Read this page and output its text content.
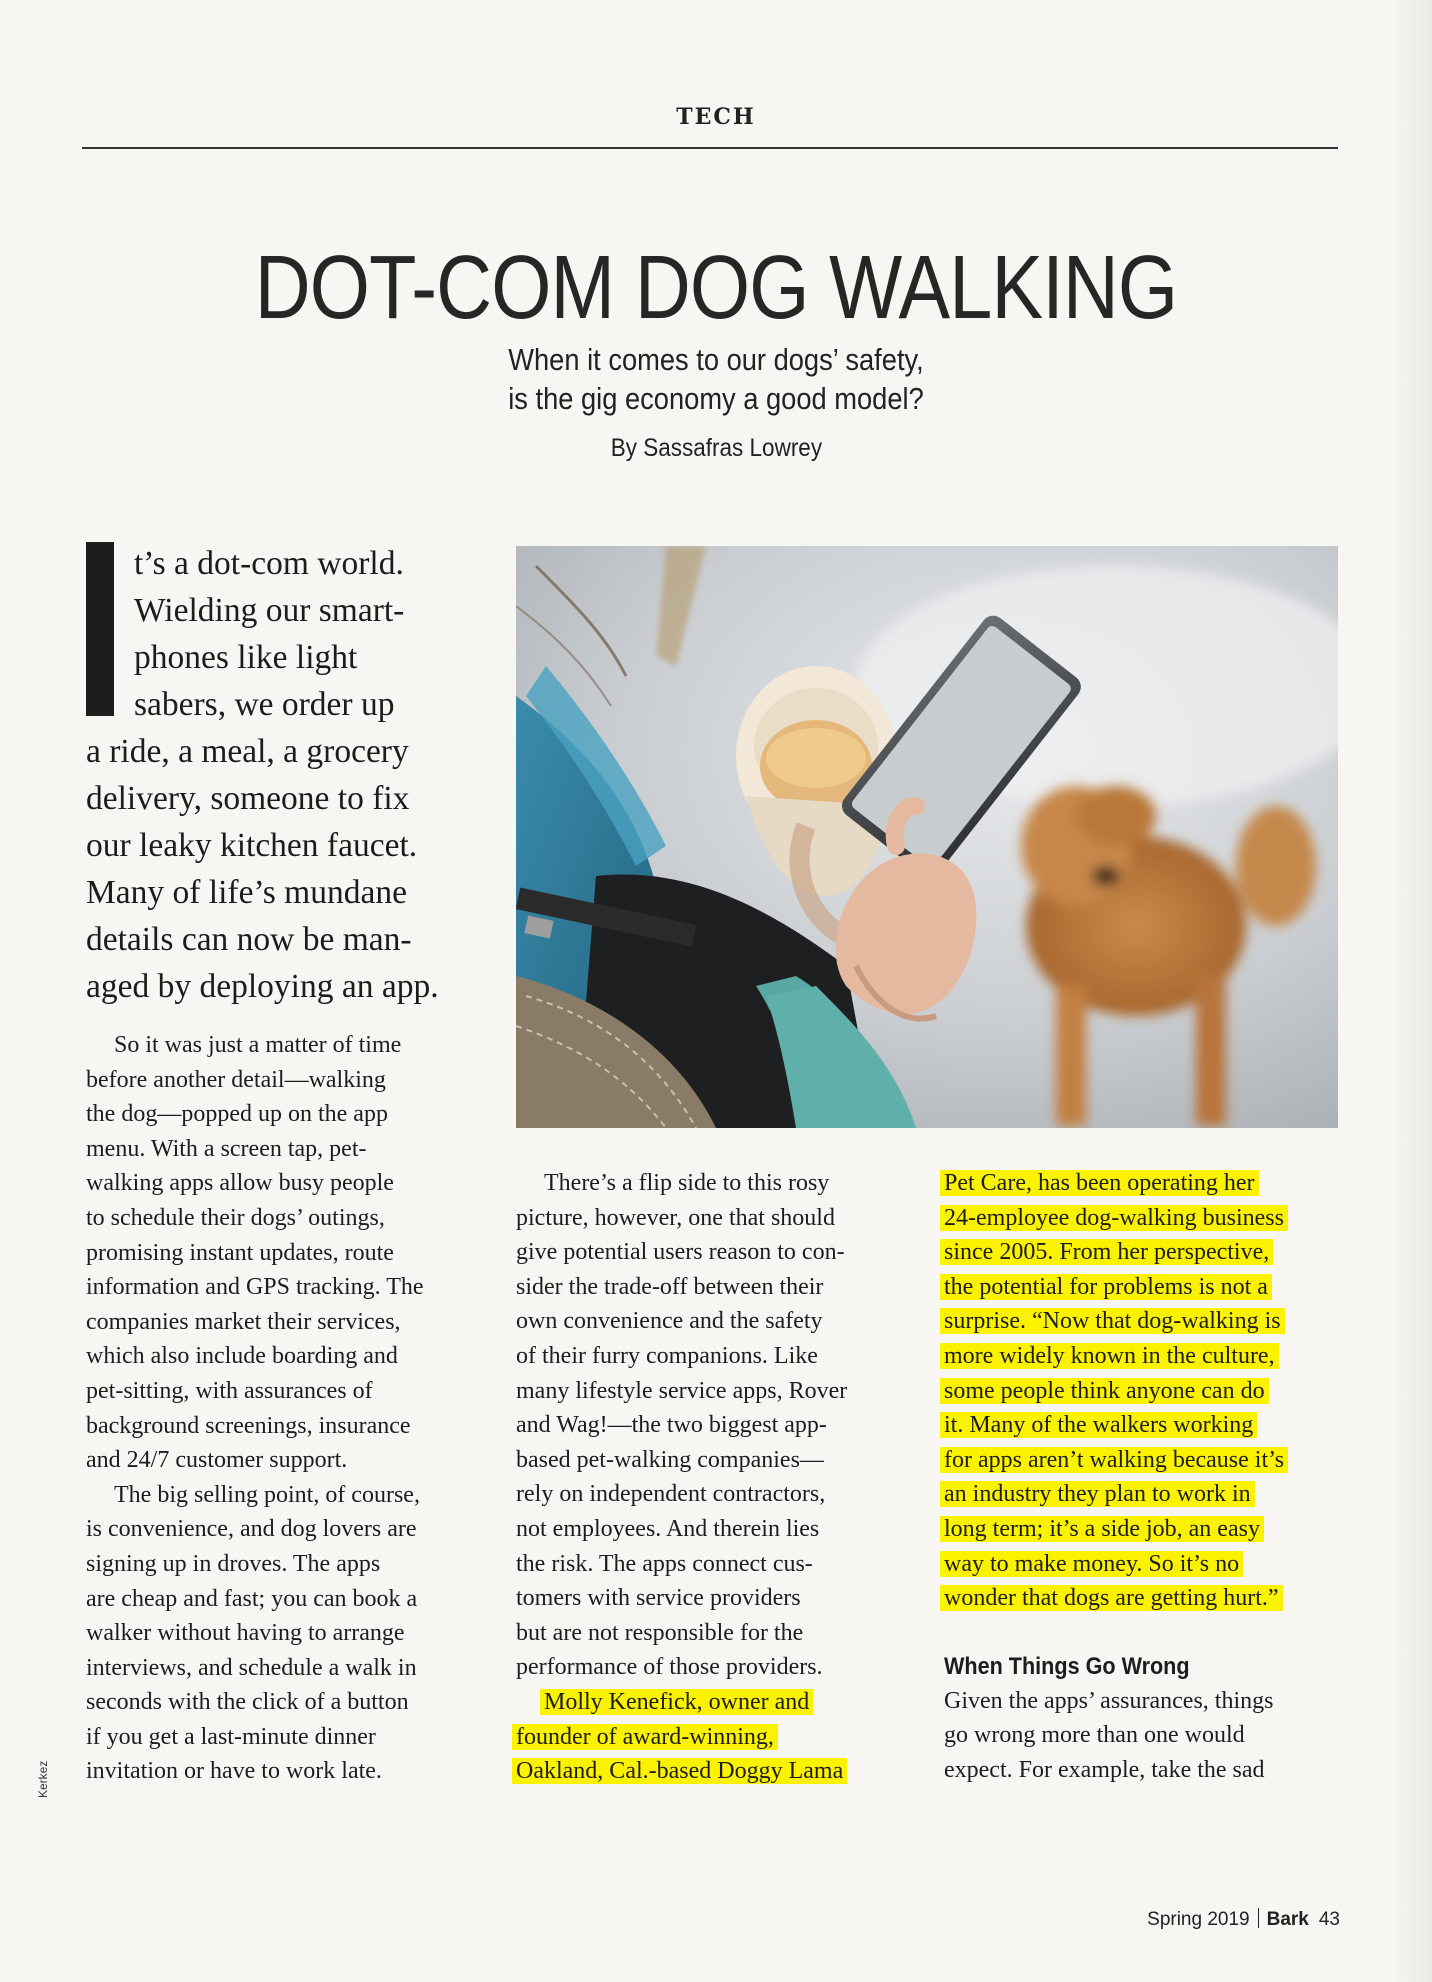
TECH
DOT-COM DOG WALKING
When it comes to our dogs’ safety,
is the gig economy a good model?
By Sassafras Lowrey
t’s a dot-com world.
Wielding our smart-
phones like light
sabers, we order up
a ride, a meal, a grocery
delivery, someone to fix
our leaky kitchen faucet.
Many of life’s mundane
details can now be man-
aged by deploying an app.
So it was just a matter of time
before another detail—walking
the dog—popped up on the app
menu. With a screen tap, pet-
walking apps allow busy people
to schedule their dogs’ outings,
promising instant updates, route
information and GPS tracking. The
companies market their services,
which also include boarding and
pet-sitting, with assurances of
background screenings, insurance
and 24/7 customer support.
The big selling point, of course,
is convenience, and dog lovers are
signing up in droves. The apps
are cheap and fast; you can book a
walker without having to arrange
interviews, and schedule a walk in
seconds with the click of a button
if you get a last-minute dinner
invitation or have to work late.
There’s a flip side to this rosy
picture, however, one that should
give potential users reason to con-
sider the trade-off between their
own convenience and the safety
of their furry companions. Like
many lifestyle service apps, Rover
and Wag!—the two biggest app-
based pet-walking companies—
rely on independent contractors,
not employees. And therein lies
the risk. The apps connect cus-
tomers with service providers
but are not responsible for the
performance of those providers.
Molly Kenefick, owner and
founder of award-winning,
Oakland, Cal.-based Doggy Lama
Pet Care, has been operating her
24-employee dog-walking business
since 2005. From her perspective,
the potential for problems is not a
surprise. “Now that dog-walking is
more widely known in the culture,
some people think anyone can do
it. Many of the walkers working
for apps aren’t walking because it’s
an industry they plan to work in
long term; it’s a side job, an easy
way to make money. So it’s no
wonder that dogs are getting hurt.”
When Things Go Wrong
Given the apps’ assurances, things
go wrong more than one would
expect. For example, take the sad
Kerkez
Spring 2019 Bark 43
